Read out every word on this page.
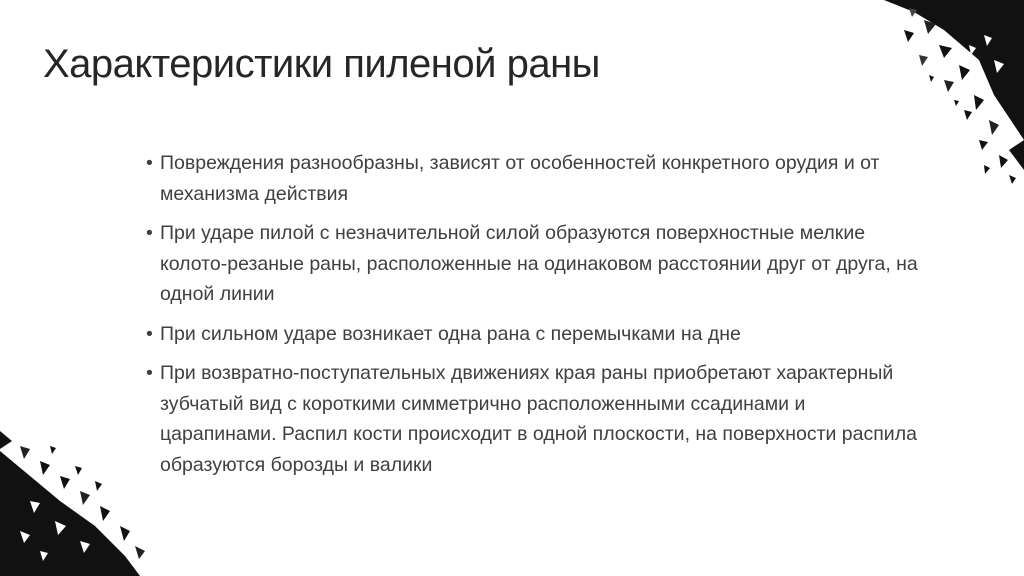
Характеристики пиленой раны
• Повреждения разнообразны, зависят от особенностей конкретного орудия и от механизма действия
• При ударе пилой с незначительной силой образуются поверхностные мелкие колото-резаные раны, расположенные на одинаковом расстоянии друг от друга, на одной линии
• При сильном ударе возникает одна рана с перемычками на дне
• При возвратно-поступательных движениях края раны приобретают характерный зубчатый вид с короткими симметрично расположенными ссадинами и царапинами. Распил кости происходит в одной плоскости, на поверхности распила образуются борозды и валики
